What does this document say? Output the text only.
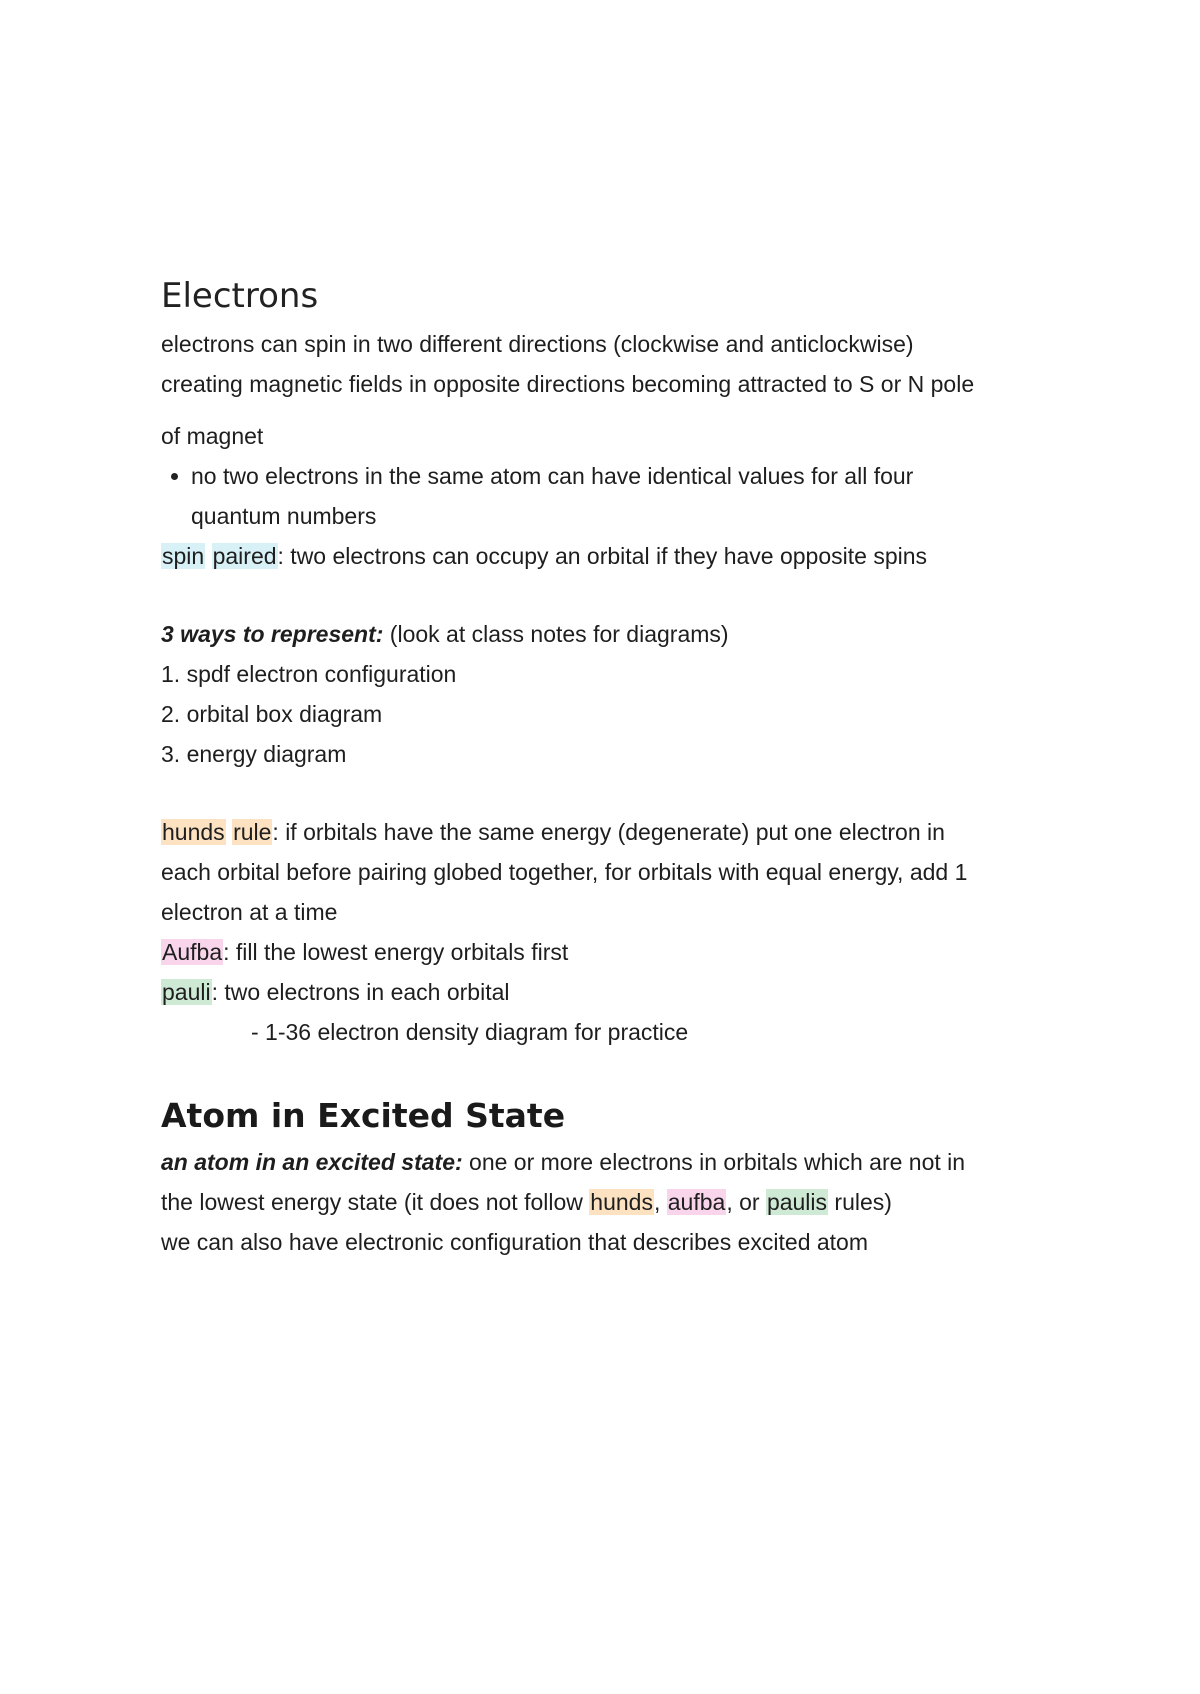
Electrons
electrons can spin in two different directions (clockwise and anticlockwise)
creating magnetic fields in opposite directions becoming attracted to S or N pole
of magnet
no two electrons in the same atom can have identical values for all four
quantum numbers
spin paired: two electrons can occupy an orbital if they have opposite spins
3 ways to represent: (look at class notes for diagrams)
1. spdf electron configuration
2. orbital box diagram
3. energy diagram
hunds rule: if orbitals have the same energy (degenerate) put one electron in
each orbital before pairing globed together, for orbitals with equal energy, add 1
electron at a time
Aufba: fill the lowest energy orbitals first
pauli: two electrons in each orbital
- 1-36 electron density diagram for practice
Atom in Excited State
an atom in an excited state: one or more electrons in orbitals which are not in
the lowest energy state (it does not follow hunds, aufba, or paulis rules)
we can also have electronic configuration that describes excited atom
